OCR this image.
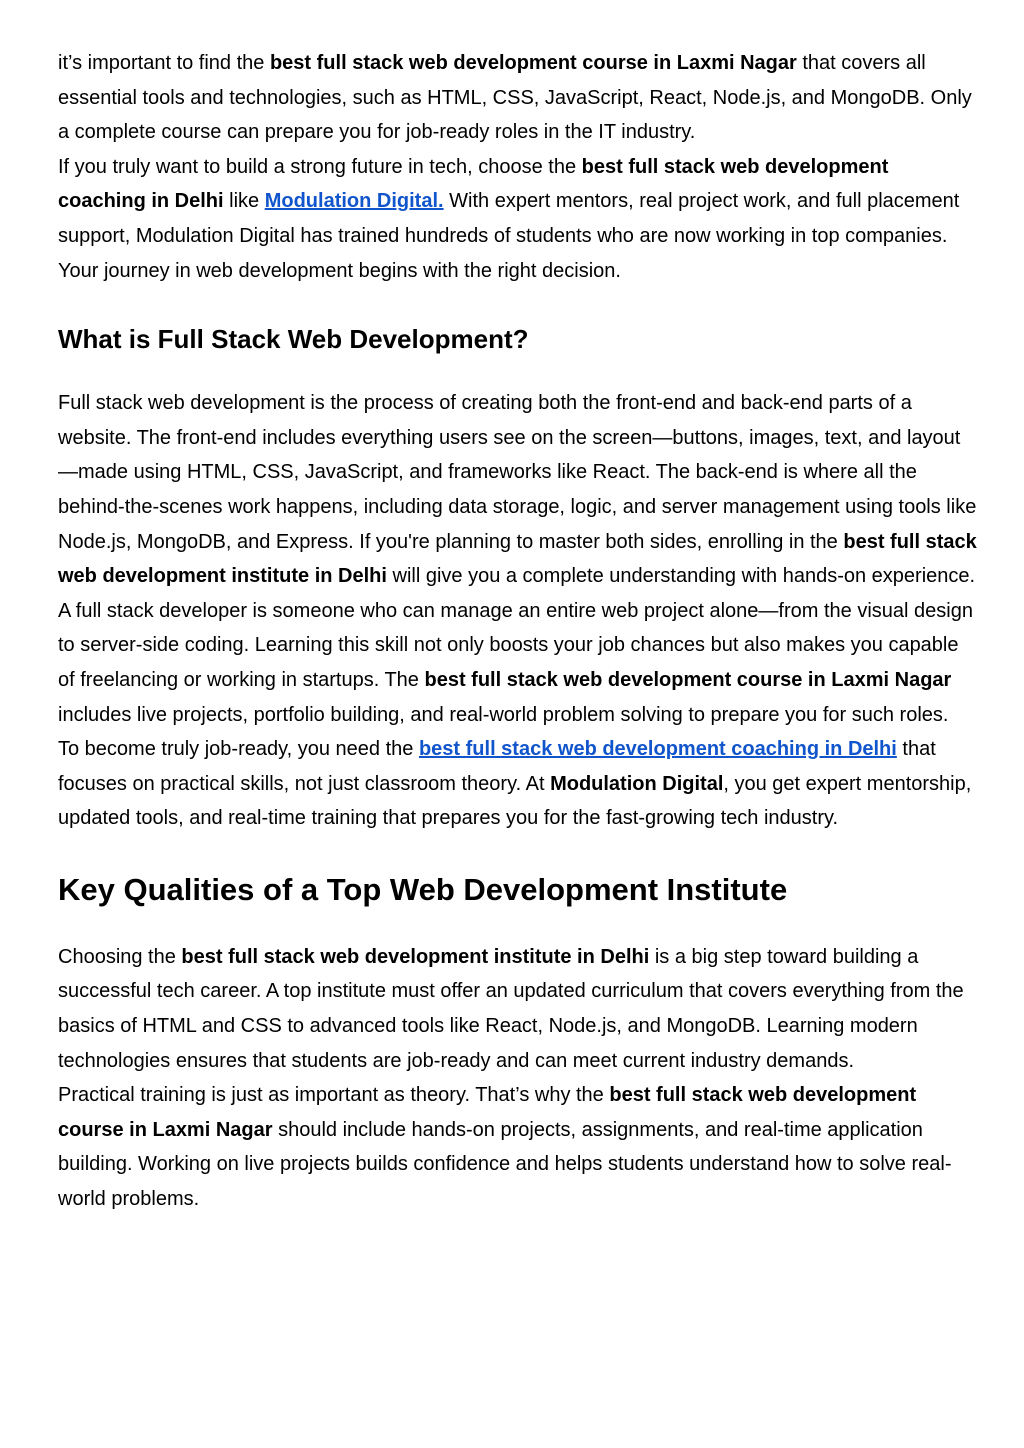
it’s important to find the best full stack web development course in Laxmi Nagar that covers all essential tools and technologies, such as HTML, CSS, JavaScript, React, Node.js, and MongoDB. Only a complete course can prepare you for job-ready roles in the IT industry.

If you truly want to build a strong future in tech, choose the best full stack web development coaching in Delhi like Modulation Digital. With expert mentors, real project work, and full placement support, Modulation Digital has trained hundreds of students who are now working in top companies. Your journey in web development begins with the right decision.

What is Full Stack Web Development?

Full stack web development is the process of creating both the front-end and back-end parts of a website. The front-end includes everything users see on the screen—buttons, images, text, and layout—made using HTML, CSS, JavaScript, and frameworks like React. The back-end is where all the behind-the-scenes work happens, including data storage, logic, and server management using tools like Node.js, MongoDB, and Express. If you're planning to master both sides, enrolling in the best full stack web development institute in Delhi will give you a complete understanding with hands-on experience.

A full stack developer is someone who can manage an entire web project alone—from the visual design to server-side coding. Learning this skill not only boosts your job chances but also makes you capable of freelancing or working in startups. The best full stack web development course in Laxmi Nagar includes live projects, portfolio building, and real-world problem solving to prepare you for such roles.

To become truly job-ready, you need the best full stack web development coaching in Delhi that focuses on practical skills, not just classroom theory. At Modulation Digital, you get expert mentorship, updated tools, and real-time training that prepares you for the fast-growing tech industry.

Key Qualities of a Top Web Development Institute

Choosing the best full stack web development institute in Delhi is a big step toward building a successful tech career. A top institute must offer an updated curriculum that covers everything from the basics of HTML and CSS to advanced tools like React, Node.js, and MongoDB. Learning modern technologies ensures that students are job-ready and can meet current industry demands.

Practical training is just as important as theory. That’s why the best full stack web development course in Laxmi Nagar should include hands-on projects, assignments, and real-time application building. Working on live projects builds confidence and helps students understand how to solve real-world problems.
